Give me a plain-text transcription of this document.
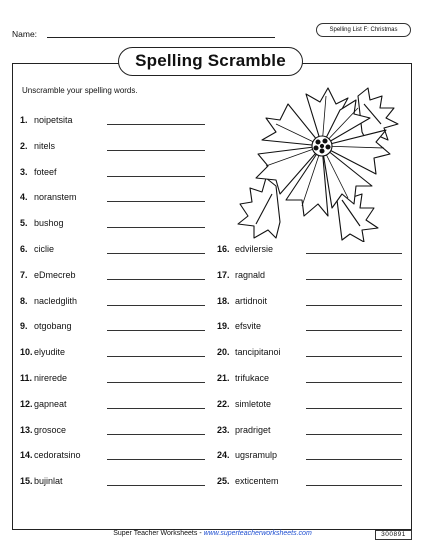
Name:	Spelling List F: Christmas
Spelling Scramble
Unscramble your spelling words.
1. noipetsita
2. nitels
3. foteef
4. noranstem
5. bushog
6. ciclie
7. eDmecreb
8. nacledglith
9. otgobang
10. elyudite
11. nirerede
12. gapneat
13. grosoce
14. cedoratsino
15. bujinlat
16. edvilersie
17. ragnald
18. artidnoit
19. efsvite
20. tancipitanoi
21. trifukace
22. simletote
23. pradriget
24. ugsramulp
25. exticentem
Super Teacher Worksheets - www.superteacherworksheets.com	300891
